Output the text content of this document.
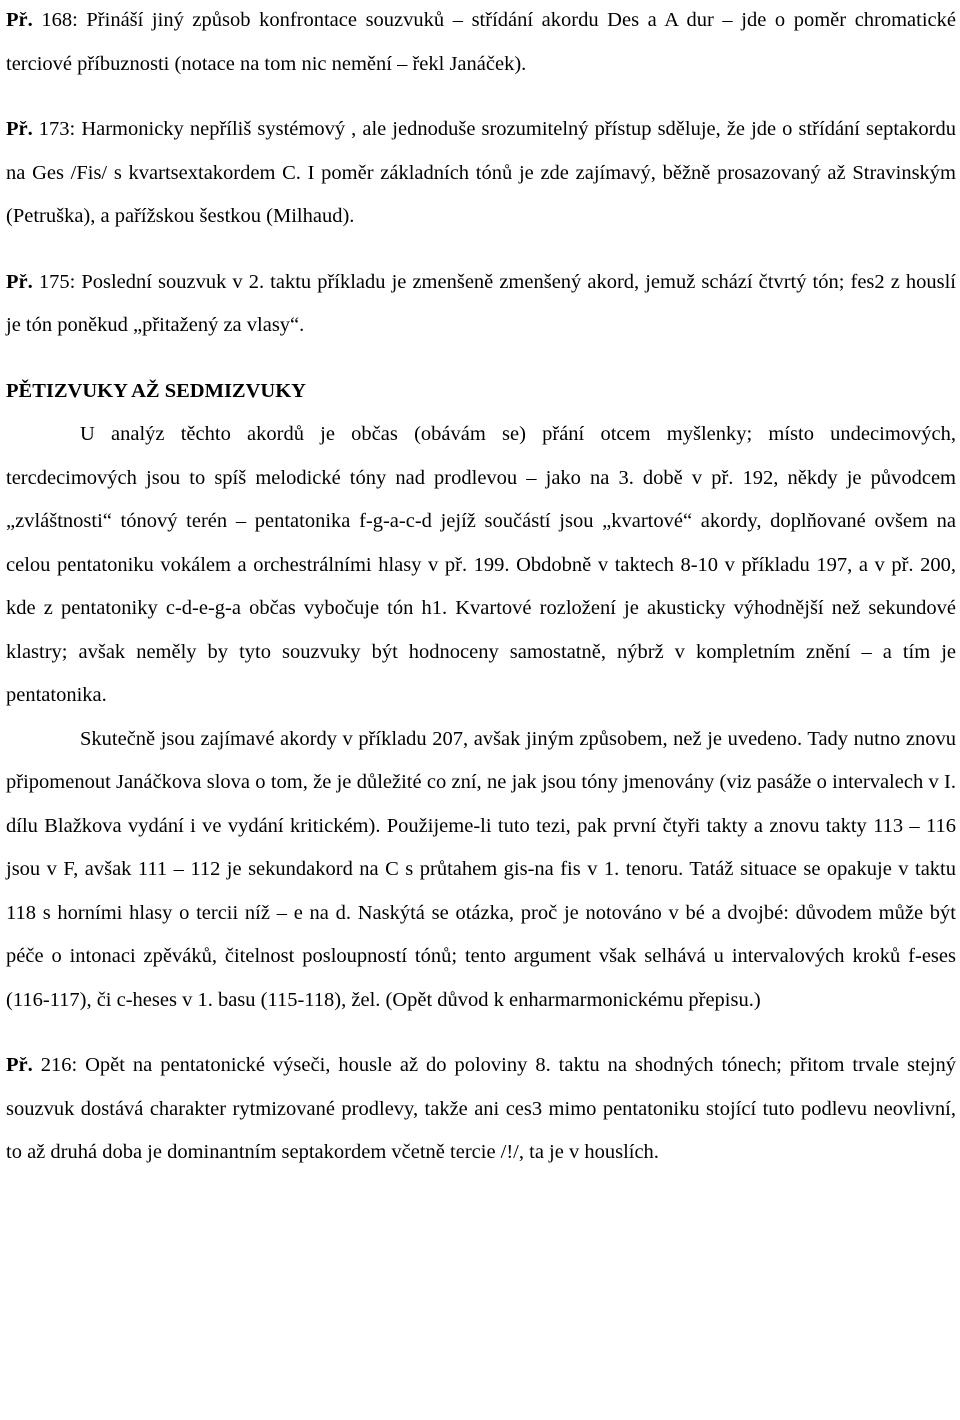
Př. 168: Přináší jiný způsob konfrontace souzvuků – střídání akordu Des a A dur – jde o poměr chromatické terciové příbuznosti (notace na tom nic nemění – řekl Janáček).

Př. 173: Harmonicky nepříliš systémový , ale jednoduše srozumitelný přístup sděluje, že jde o střídání septakordu na Ges /Fis/ s kvartsextakordem C. I poměr základních tónů je zde zajímavý, běžně prosazovaný až Stravinským (Petruška), a pařížskou šestkou (Milhaud).

Př. 175: Poslední souzvuk v 2. taktu příkladu je zmenšeně zmenšený akord, jemuž schází čtvrtý tón; fes2 z houslí je tón poněkud „přitažený za vlasy“.

PĚTIZVUKY AŽ SEDMIZVUKY

U analýz těchto akordů je občas (obávám se) přání otcem myšlenky; místo undecimových, tercdecimových jsou to spíš melodické tóny nad prodlevou – jako na 3. době v př. 192, někdy je původcem „zvláštnosti“ tónový terén – pentatonika f-g-a-c-d jejíž součástí jsou „kvartové“ akordy, doplňované ovšem na celou pentatoniku vokálem a orchestrálními hlasy v př. 199. Obdobně v taktech 8-10 v příkladu 197, a v př. 200, kde z pentatoniky c-d-e-g-a občas vybočuje tón h1. Kvartové rozložení je akusticky výhodnější než sekundové klastry; avšak neměly by tyto souzvuky být hodnoceny samostatně, nýbrž v kompletním znění – a tím je pentatonika.

Skutečně jsou zajímavé akordy v příkladu 207, avšak jiným způsobem, než je uvedeno. Tady nutno znovu připomenout Janáčkova slova o tom, že je důležité co zní, ne jak jsou tóny jmenovány (viz pasáže o intervalech v I. dílu Blažkova vydání i ve vydání kritickém). Použijeme-li tuto tezi, pak první čtyři takty a znovu takty 113 – 116 jsou v F, avšak 111 – 112 je sekundakord na C s průtahem gis-na fis v 1. tenoru. Tatáž situace se opakuje v taktu 118 s horními hlasy o tercii níž – e na d. Naskýtá se otázka, proč je notováno v bé a dvojbé: důvodem může být péče o intonaci zpěváků, čitelnost posloupností tónů; tento argument však selhává u intervalových kroků f-eses (116-117), či c-heses v 1. basu (115-118), žel. (Opět důvod k enharmarmonickému přepisu.)

Př. 216: Opět na pentatonické výseči, housle až do poloviny 8. taktu na shodných tónech; přitom trvale stejný souzvuk dostává charakter rytmizované prodlevy, takže ani ces3 mimo pentatoniku stojící tuto podlevu neovlivní, to až druhá doba je dominantním septakordem včetně tercie /!/, ta je v houslích.
